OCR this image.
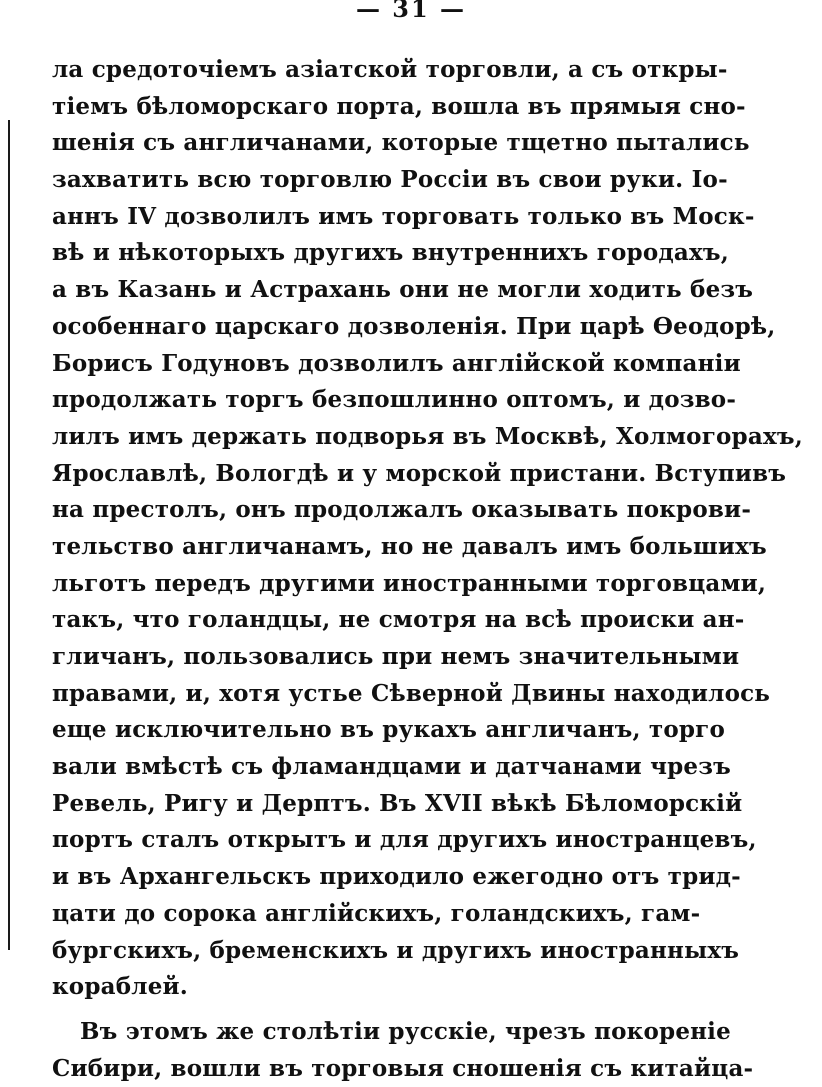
— 31 —
ла средоточіемъ азіатской торговли, а съ откры-
тіемъ бѣломорскаго порта, вошла въ прямыя сно-
шенія съ англичанами, которые тщетно пытались
захватить всю торговлю Россіи въ свои руки. Іо-
аннъ IV дозволилъ имъ торговать только въ Моск-
вѣ и нѣкоторыхъ другихъ внутреннихъ городахъ,
а въ Казань и Астрахань они не могли ходить безъ
особеннаго царскаго дозволенія. При царѣ Ѳеодорѣ,
Борисъ Годуновъ дозволилъ англійской компаніи
продолжать торгъ безпошлинно оптомъ, и дозво-
лилъ имъ держать подворья въ Москвѣ, Холмогорахъ,
Ярославлѣ, Вологдѣ и у морской пристани. Вступивъ
на престолъ, онъ продолжалъ оказывать покрови-
тельство англичанамъ, но не давалъ имъ большихъ
льготъ передъ другими иностранными торговцами,
такъ, что голандцы, не смотря на всѣ происки ан-
гличанъ, пользовались при немъ значительными
правами, и, хотя устье Сѣверной Двины находилось
еще исключительно въ рукахъ англичанъ, торго
вали вмѣстѣ съ фламандцами и датчанами чрезъ
Ревель, Ригу и Дерптъ. Въ XVII вѣкѣ Бѣломорскій
портъ сталъ открытъ и для другихъ иностранцевъ,
и въ Архангельскъ приходило ежегодно отъ трид-
цати до сорока англійскихъ, голандскихъ, гам-
бургскихъ, бременскихъ и другихъ иностранныхъ
кораблей.
Въ этомъ же столѣтіи русскіе, чрезъ покореніе
Сибири, вошли въ торговыя сношенія съ китайца-
